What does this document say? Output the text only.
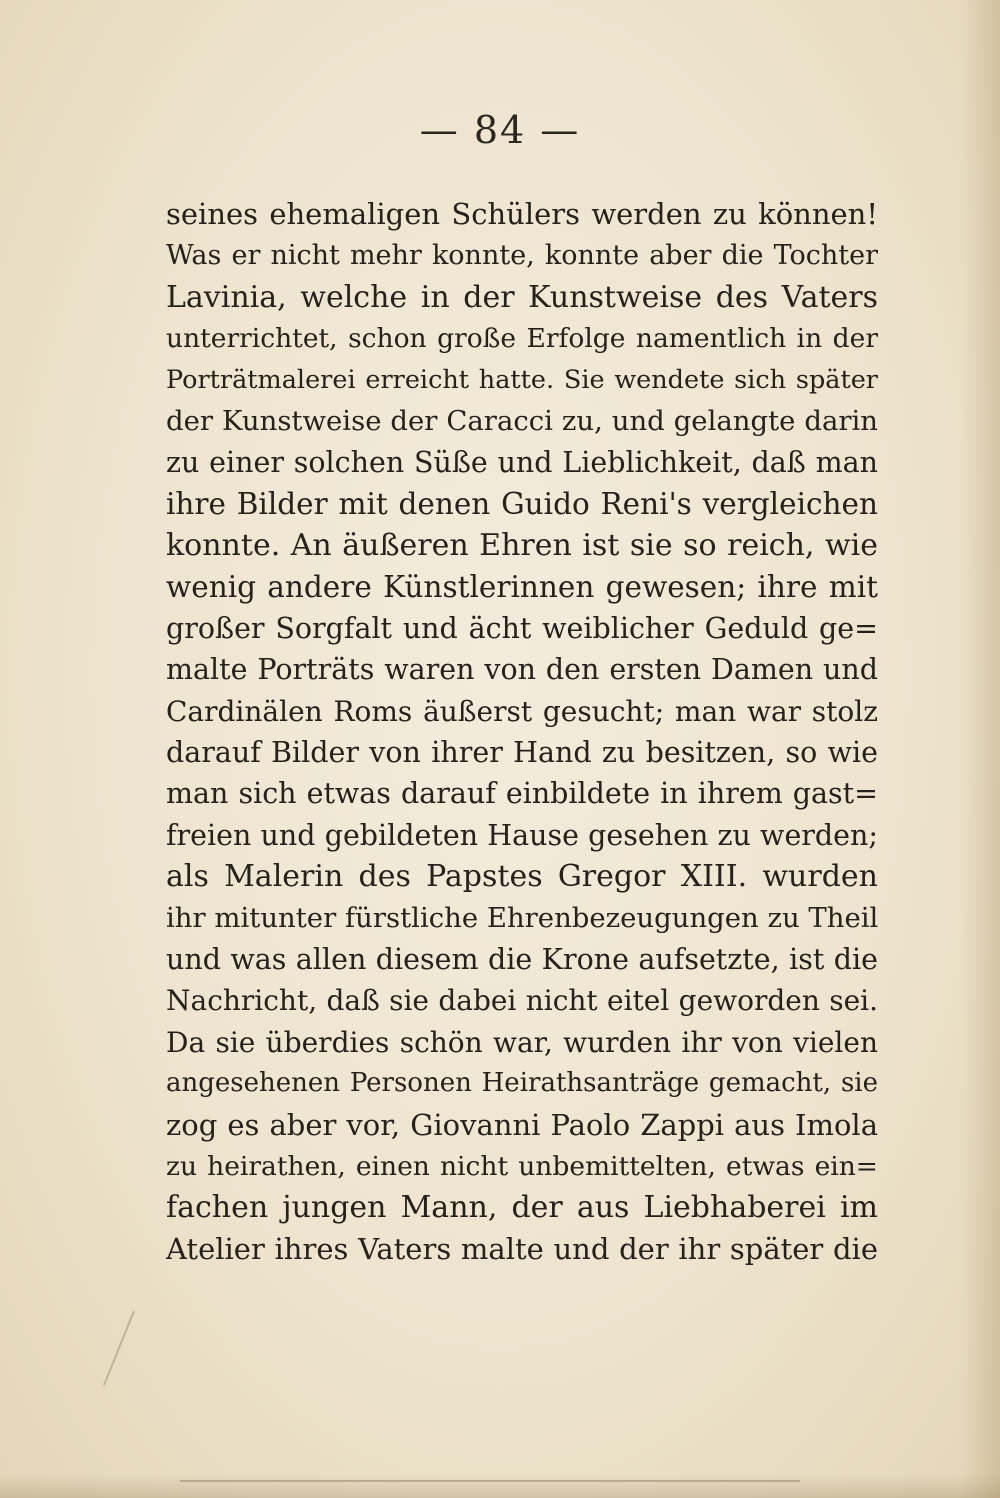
— 84 —
seines ehemaligen Schülers werden zu können!
Was er nicht mehr konnte, konnte aber die Tochter
Lavinia, welche in der Kunstweise des Vaters
unterrichtet, schon große Erfolge namentlich in der
Porträtmalerei erreicht hatte. Sie wendete sich später
der Kunstweise der Caracci zu, und gelangte darin
zu einer solchen Süße und Lieblichkeit, daß man
ihre Bilder mit denen Guido Reni's vergleichen
konnte. An äußeren Ehren ist sie so reich, wie
wenig andere Künstlerinnen gewesen; ihre mit
großer Sorgfalt und ächt weiblicher Geduld ge=
malte Porträts waren von den ersten Damen und
Cardinälen Roms äußerst gesucht; man war stolz
darauf Bilder von ihrer Hand zu besitzen, so wie
man sich etwas darauf einbildete in ihrem gast=
freien und gebildeten Hause gesehen zu werden;
als Malerin des Papstes Gregor XIII. wurden
ihr mitunter fürstliche Ehrenbezeugungen zu Theil
und was allen diesem die Krone aufsetzte, ist die
Nachricht, daß sie dabei nicht eitel geworden sei.
Da sie überdies schön war, wurden ihr von vielen
angesehenen Personen Heirathsanträge gemacht, sie
zog es aber vor, Giovanni Paolo Zappi aus Imola
zu heirathen, einen nicht unbemittelten, etwas ein=
fachen jungen Mann, der aus Liebhaberei im
Atelier ihres Vaters malte und der ihr später die
